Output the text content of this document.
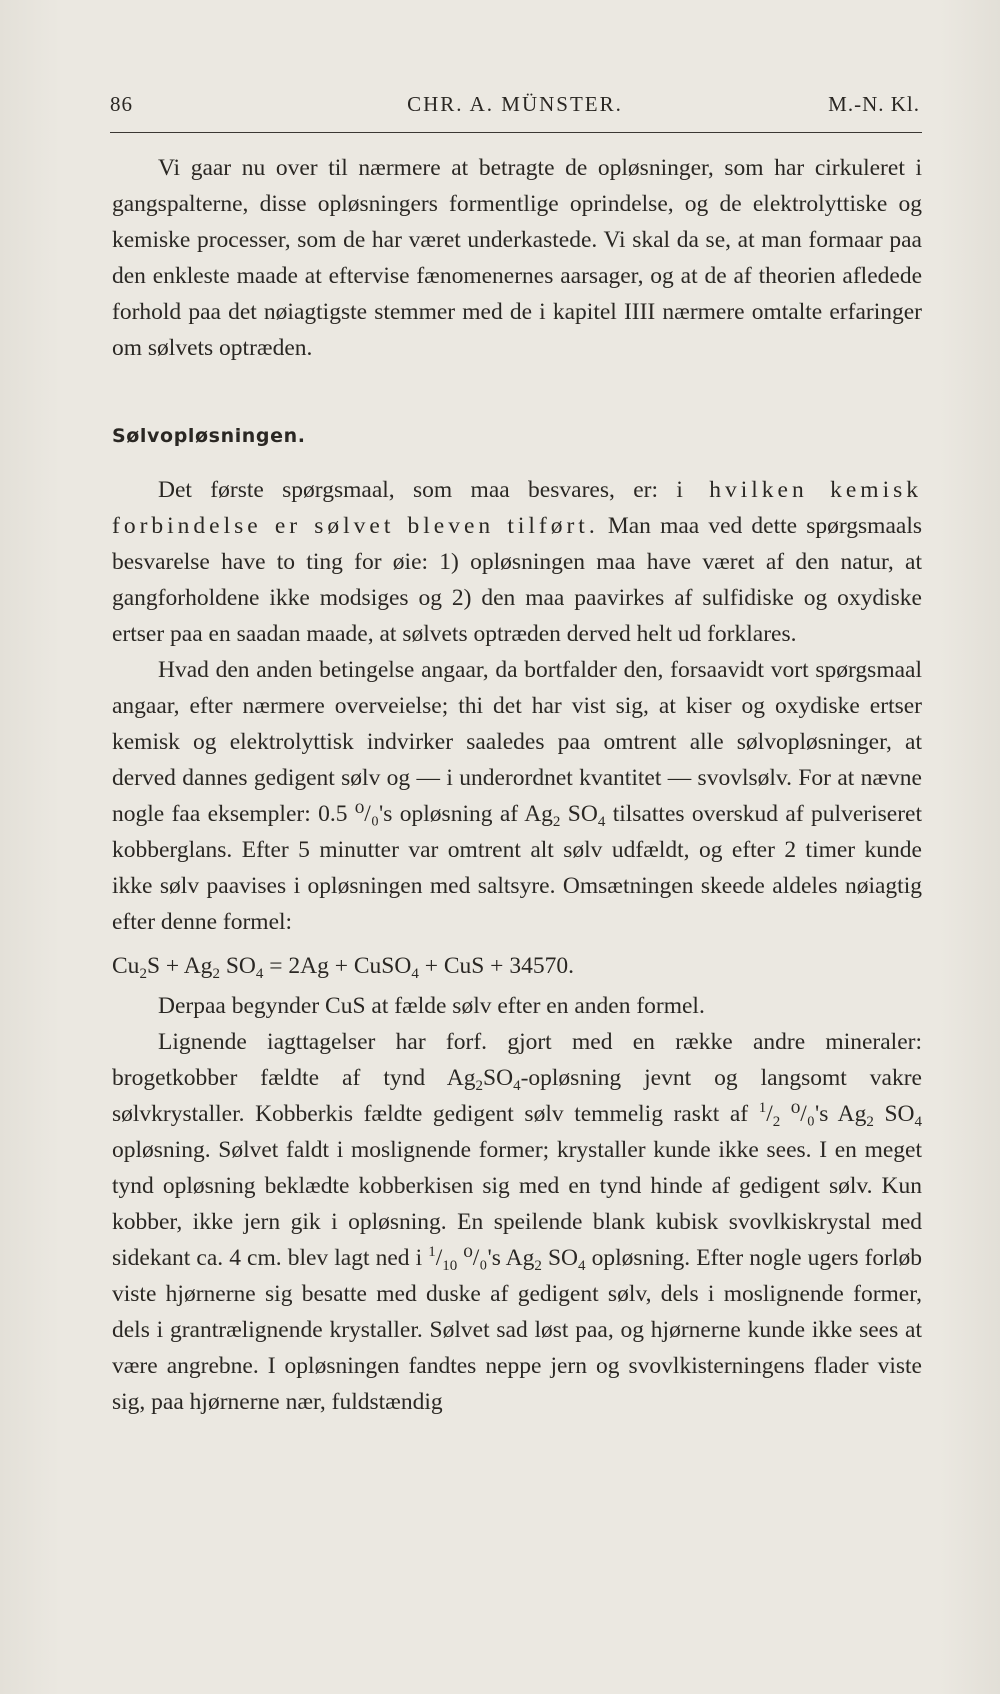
86	CHR. A. MÜNSTER.	M.-N. Kl.

Vi gaar nu over til nærmere at betragte de opløsninger, som har cirkuleret i gangspalterne, disse opløsningers formentlige oprindelse, og de elektrolyttiske og kemiske processer, som de har været underkastede. Vi skal da se, at man formaar paa den enkleste maade at eftervise fænomenernes aarsager, og at de af theorien afledede forhold paa det nøiagtigste stemmer med de i kapitel IIII nærmere omtalte erfaringer om sølvets optræden.

Sølvopløsningen.

Det første spørgsmaal, som maa besvares, er: i hvilken kemisk forbindelse er sølvet bleven tilført. Man maa ved dette spørgsmaals besvarelse have to ting for øie: 1) opløsningen maa have været af den natur, at gangforholdene ikke modsiges og 2) den maa paavirkes af sulfidiske og oxydiske ertser paa en saadan maade, at sølvets optræden derved helt ud forklares.

Hvad den anden betingelse angaar, da bortfalder den, forsaavidt vort spørgsmaal angaar, efter nærmere overveielse; thi det har vist sig, at kiser og oxydiske ertser kemisk og elektrolyttisk indvirker saaledes paa omtrent alle sølvopløsninger, at derved dannes gedigent sølv og — i underordnet kvantitet — svovlsølv. For at nævne nogle faa eksempler: 0.5 ⁰/₀'s opløsning af $Ag_2$ $SO_4$ tilsattes overskud af pulveriseret kobberglans. Efter 5 minutter var omtrent alt sølv udfældt, og efter 2 timer kunde ikke sølv paavises i opløsningen med saltsyre. Omsætningen skeede aldeles nøiagtig efter denne formel:

$Cu_2S + Ag_2$ $SO_4 = 2Ag$ + CuSO$_4$ + CuS + 34570.

Derpaa begynder CuS at fælde sølv efter en anden formel.

Lignende iagttagelser har forf. gjort med en række andre mineraler: brogetkobber fældte af tynd $Ag_2SO_4$-opløsning jevnt og langsomt vakre sølvkrystaller. Kobberkis fældte gedigent sølv temmelig raskt af $^1/_2$ ⁰/₀'s $Ag_2$ $SO_4$ opløsning. Sølvet faldt i moslignende former; krystaller kunde ikke sees. I en meget tynd opløsning beklædte kobberkisen sig med en tynd hinde af gedigent sølv. Kun kobber, ikke jern gik i opløsning. En speilende blank kubisk svovlkiskrystal med sidekant ca. 4 cm. blev lagt ned i $^1/_{10}$ ⁰/₀'s $Ag_2$ $SO_4$ opløsning. Efter nogle ugers forløb viste hjørnerne sig besatte med duske af gedigent sølv, dels i moslignende former, dels i grantrælignende krystaller. Sølvet sad løst paa, og hjørnerne kunde ikke sees at være angrebne. I opløsningen fandtes neppe jern og svovlkisterningens flader viste sig, paa hjørnerne nær, fuldstændig
